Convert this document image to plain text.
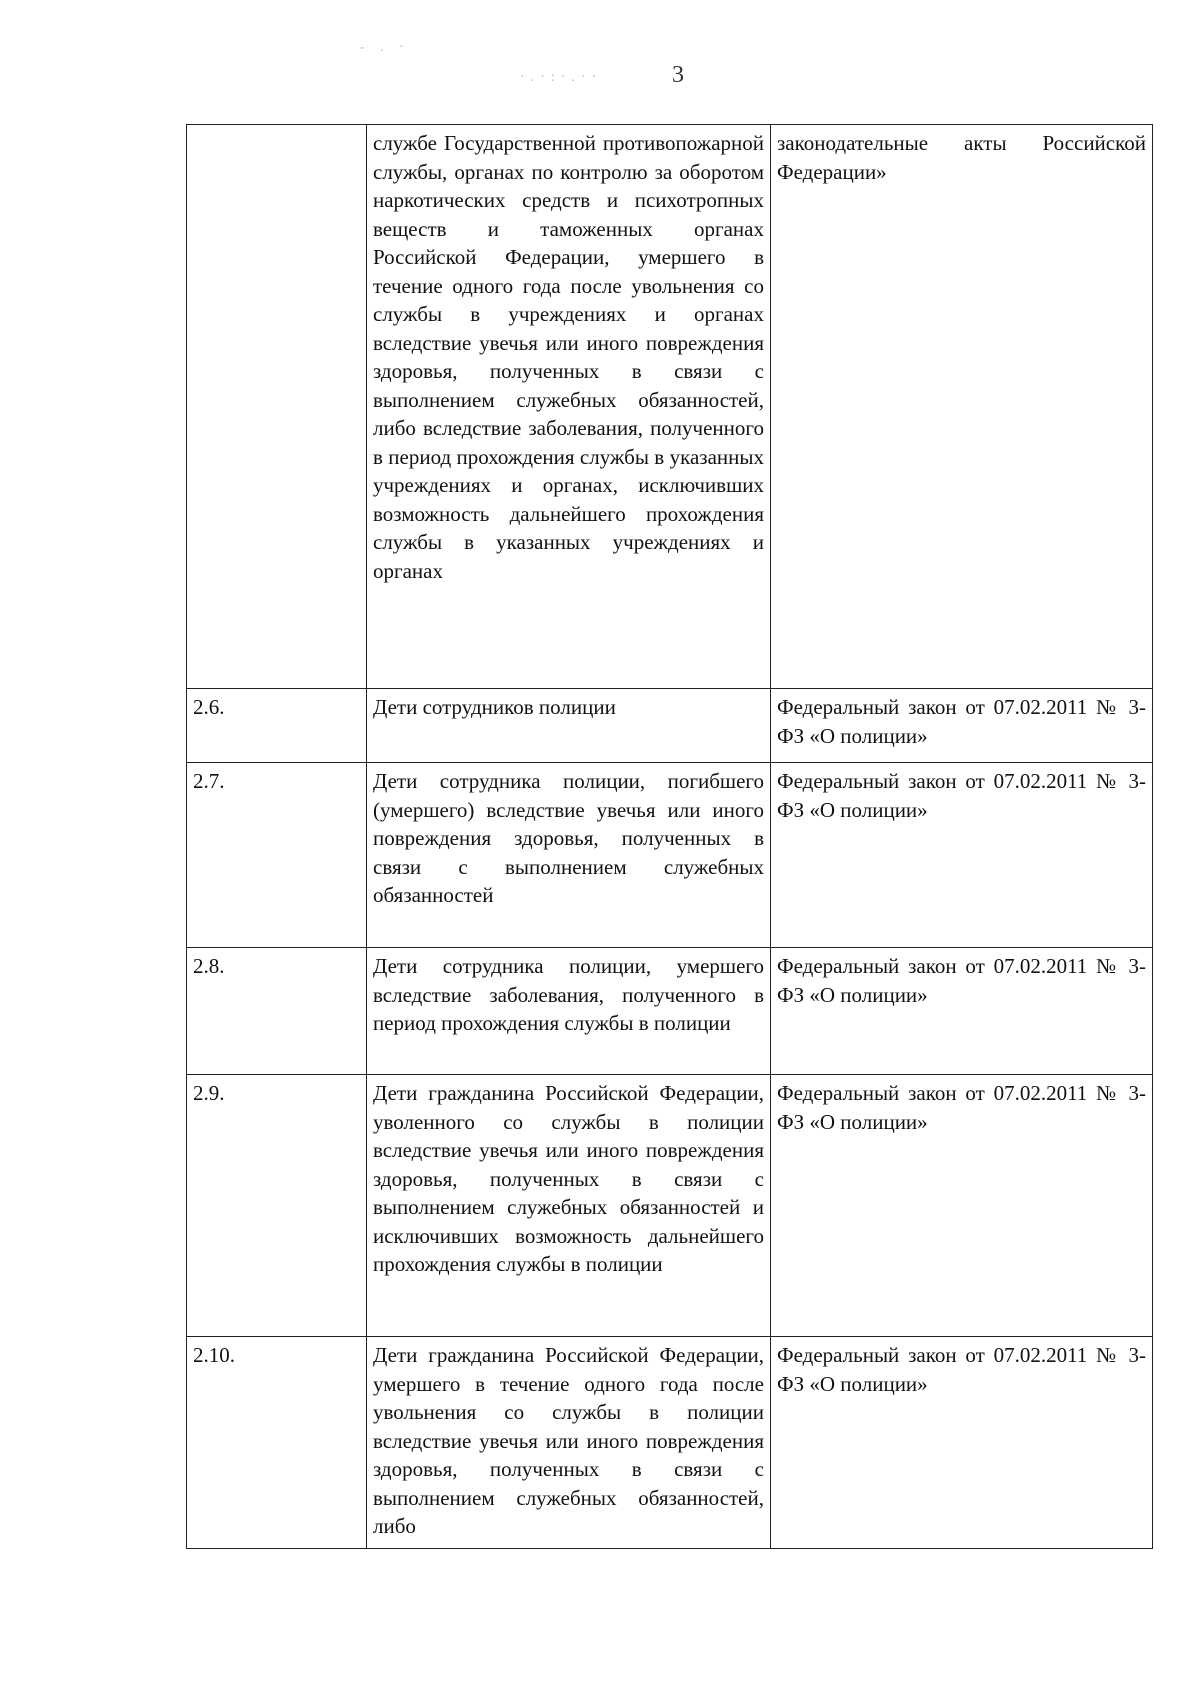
3
·.·:·.··
- . ·
	службе Государственной противопожарной службы, органах по контролю за оборотом наркотических средств и психотропных веществ и таможенных органах Российской Федерации, умершего в течение одного года после увольнения со службы в учреждениях и органах вследствие увечья или иного повреждения здоровья, полученных в связи с выполнением служебных обязанностей, либо вследствие заболевания, полученного в период прохождения службы в указанных учреждениях и органах, исключивших возможность дальнейшего прохождения службы в указанных учреждениях и органах	законодательные акты Российской Федерации»
2.6.	Дети сотрудников полиции	Федеральный закон от 07.02.2011 № 3-ФЗ «О полиции»
2.7.	Дети сотрудника полиции, погибшего (умершего) вследствие увечья или иного повреждения здоровья, полученных в связи с выполнением служебных обязанностей	Федеральный закон от 07.02.2011 № 3-ФЗ «О полиции»
2.8.	Дети сотрудника полиции, умершего вследствие заболевания, полученного в период прохождения службы в полиции	Федеральный закон от 07.02.2011 № 3-ФЗ «О полиции»
2.9.	Дети гражданина Российской Федерации, уволенного со службы в полиции вследствие увечья или иного повреждения здоровья, полученных в связи с выполнением служебных обязанностей и исключивших возможность дальнейшего прохождения службы в полиции	Федеральный закон от 07.02.2011 № 3-ФЗ «О полиции»
2.10.	Дети гражданина Российской Федерации, умершего в течение одного года после увольнения со службы в полиции вследствие увечья или иного повреждения здоровья, полученных в связи с выполнением служебных обязанностей, либо	Федеральный закон от 07.02.2011 № 3-ФЗ «О полиции»
